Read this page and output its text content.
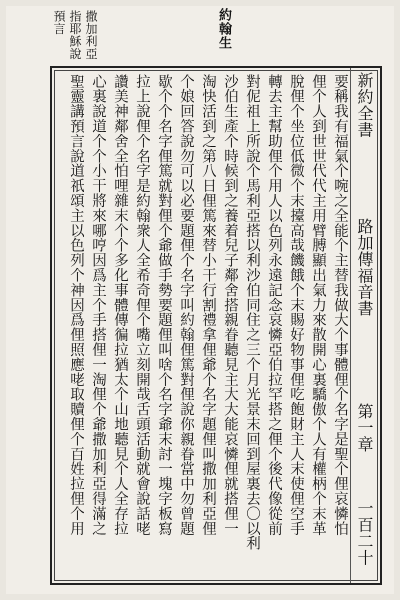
撒加利亞
指耶穌說
預言	約翰生
新約全書
路加傳福音書
第一章
一百二十
要稱我有福氣个啘之全能个主替我做大个事體俚个名字是聖个俚哀憐怕
俚个人到世世代代主用臂膊顯出氣力來散開心裏驕傲个人有權柄个末革
脫俚个坐位低微个末擡高哉饑餓个末賜好物事俚吃飽財主人末使俚空手
轉去主幫助俚个用人以色列永遠記念哀憐亞伯拉罕搭之俚个後代像從前
對伲祖上所說个馬利亞搭以利沙伯同住之三个月光景末回到屋裏去〇以利
沙伯生產个時候到之養着兒子鄰舍搭親眷聽見主大大能哀憐俚就搭俚一
淘快活到之第八日俚篤來替小干行割禮拿俚爺个名字題俚叫撒加利亞俚
个娘回答說勿可以必要題俚个名字叫約翰俚篤對俚說你親眷當中勿曾題
歇个个名字俚篤就對俚个爺做手勢要題俚叫啥个名字爺末討一塊字板寫
拉上說俚个名字是約翰衆人全希奇俚个嘴立刻開哉舌頭活動就會說話咾
讚美神鄰舍全怕哩雜末个个多化事體傳徧拉猶太个山地聽見个人全存拉
心裏說道个个小干將來哪哼因爲主个手搭俚一淘俚个爺撒加利亞得滿之
聖靈講預言說道祇頌主以色列个神因爲俚照應咾取贖俚个百姓拉俚个用
